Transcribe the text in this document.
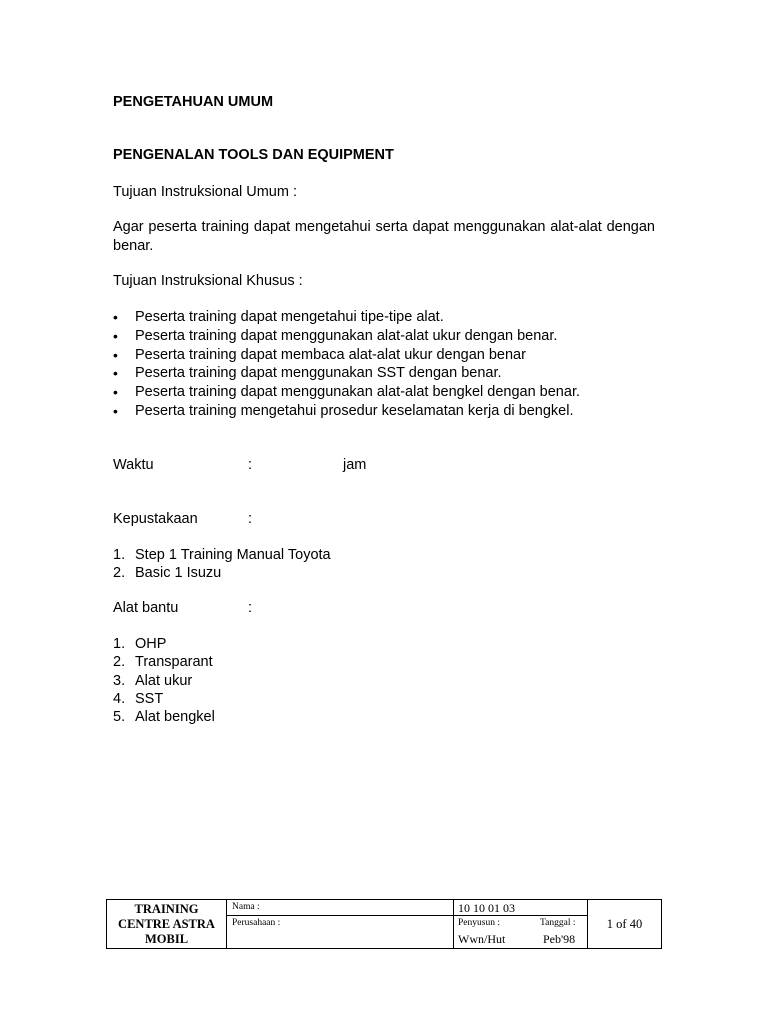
PENGETAHUAN UMUM
PENGENALAN TOOLS DAN EQUIPMENT
Tujuan Instruksional Umum :
Agar peserta training dapat mengetahui serta dapat menggunakan alat-alat dengan benar.
Tujuan Instruksional Khusus :
• Peserta training dapat mengetahui tipe-tipe alat.
• Peserta training dapat menggunakan alat-alat ukur dengan benar.
• Peserta training dapat membaca alat-alat ukur dengan benar
• Peserta training dapat menggunakan SST dengan benar.
• Peserta training dapat menggunakan alat-alat bengkel dengan benar.
• Peserta training mengetahui prosedur keselamatan kerja di bengkel.
Waktu	:	jam
Kepustakaan	:
1. Step 1 Training Manual Toyota
2. Basic 1 Isuzu
Alat bantu	:
1. OHP
2. Transparant
3. Alat ukur
4. SST
5. Alat bengkel
TRAINING
CENTRE ASTRA
MOBIL
Nama :
Perusahaan :
10 10 01 03
Penyusun :	Tanggal :
Wwn/Hut	Peb'98
1 of 40
